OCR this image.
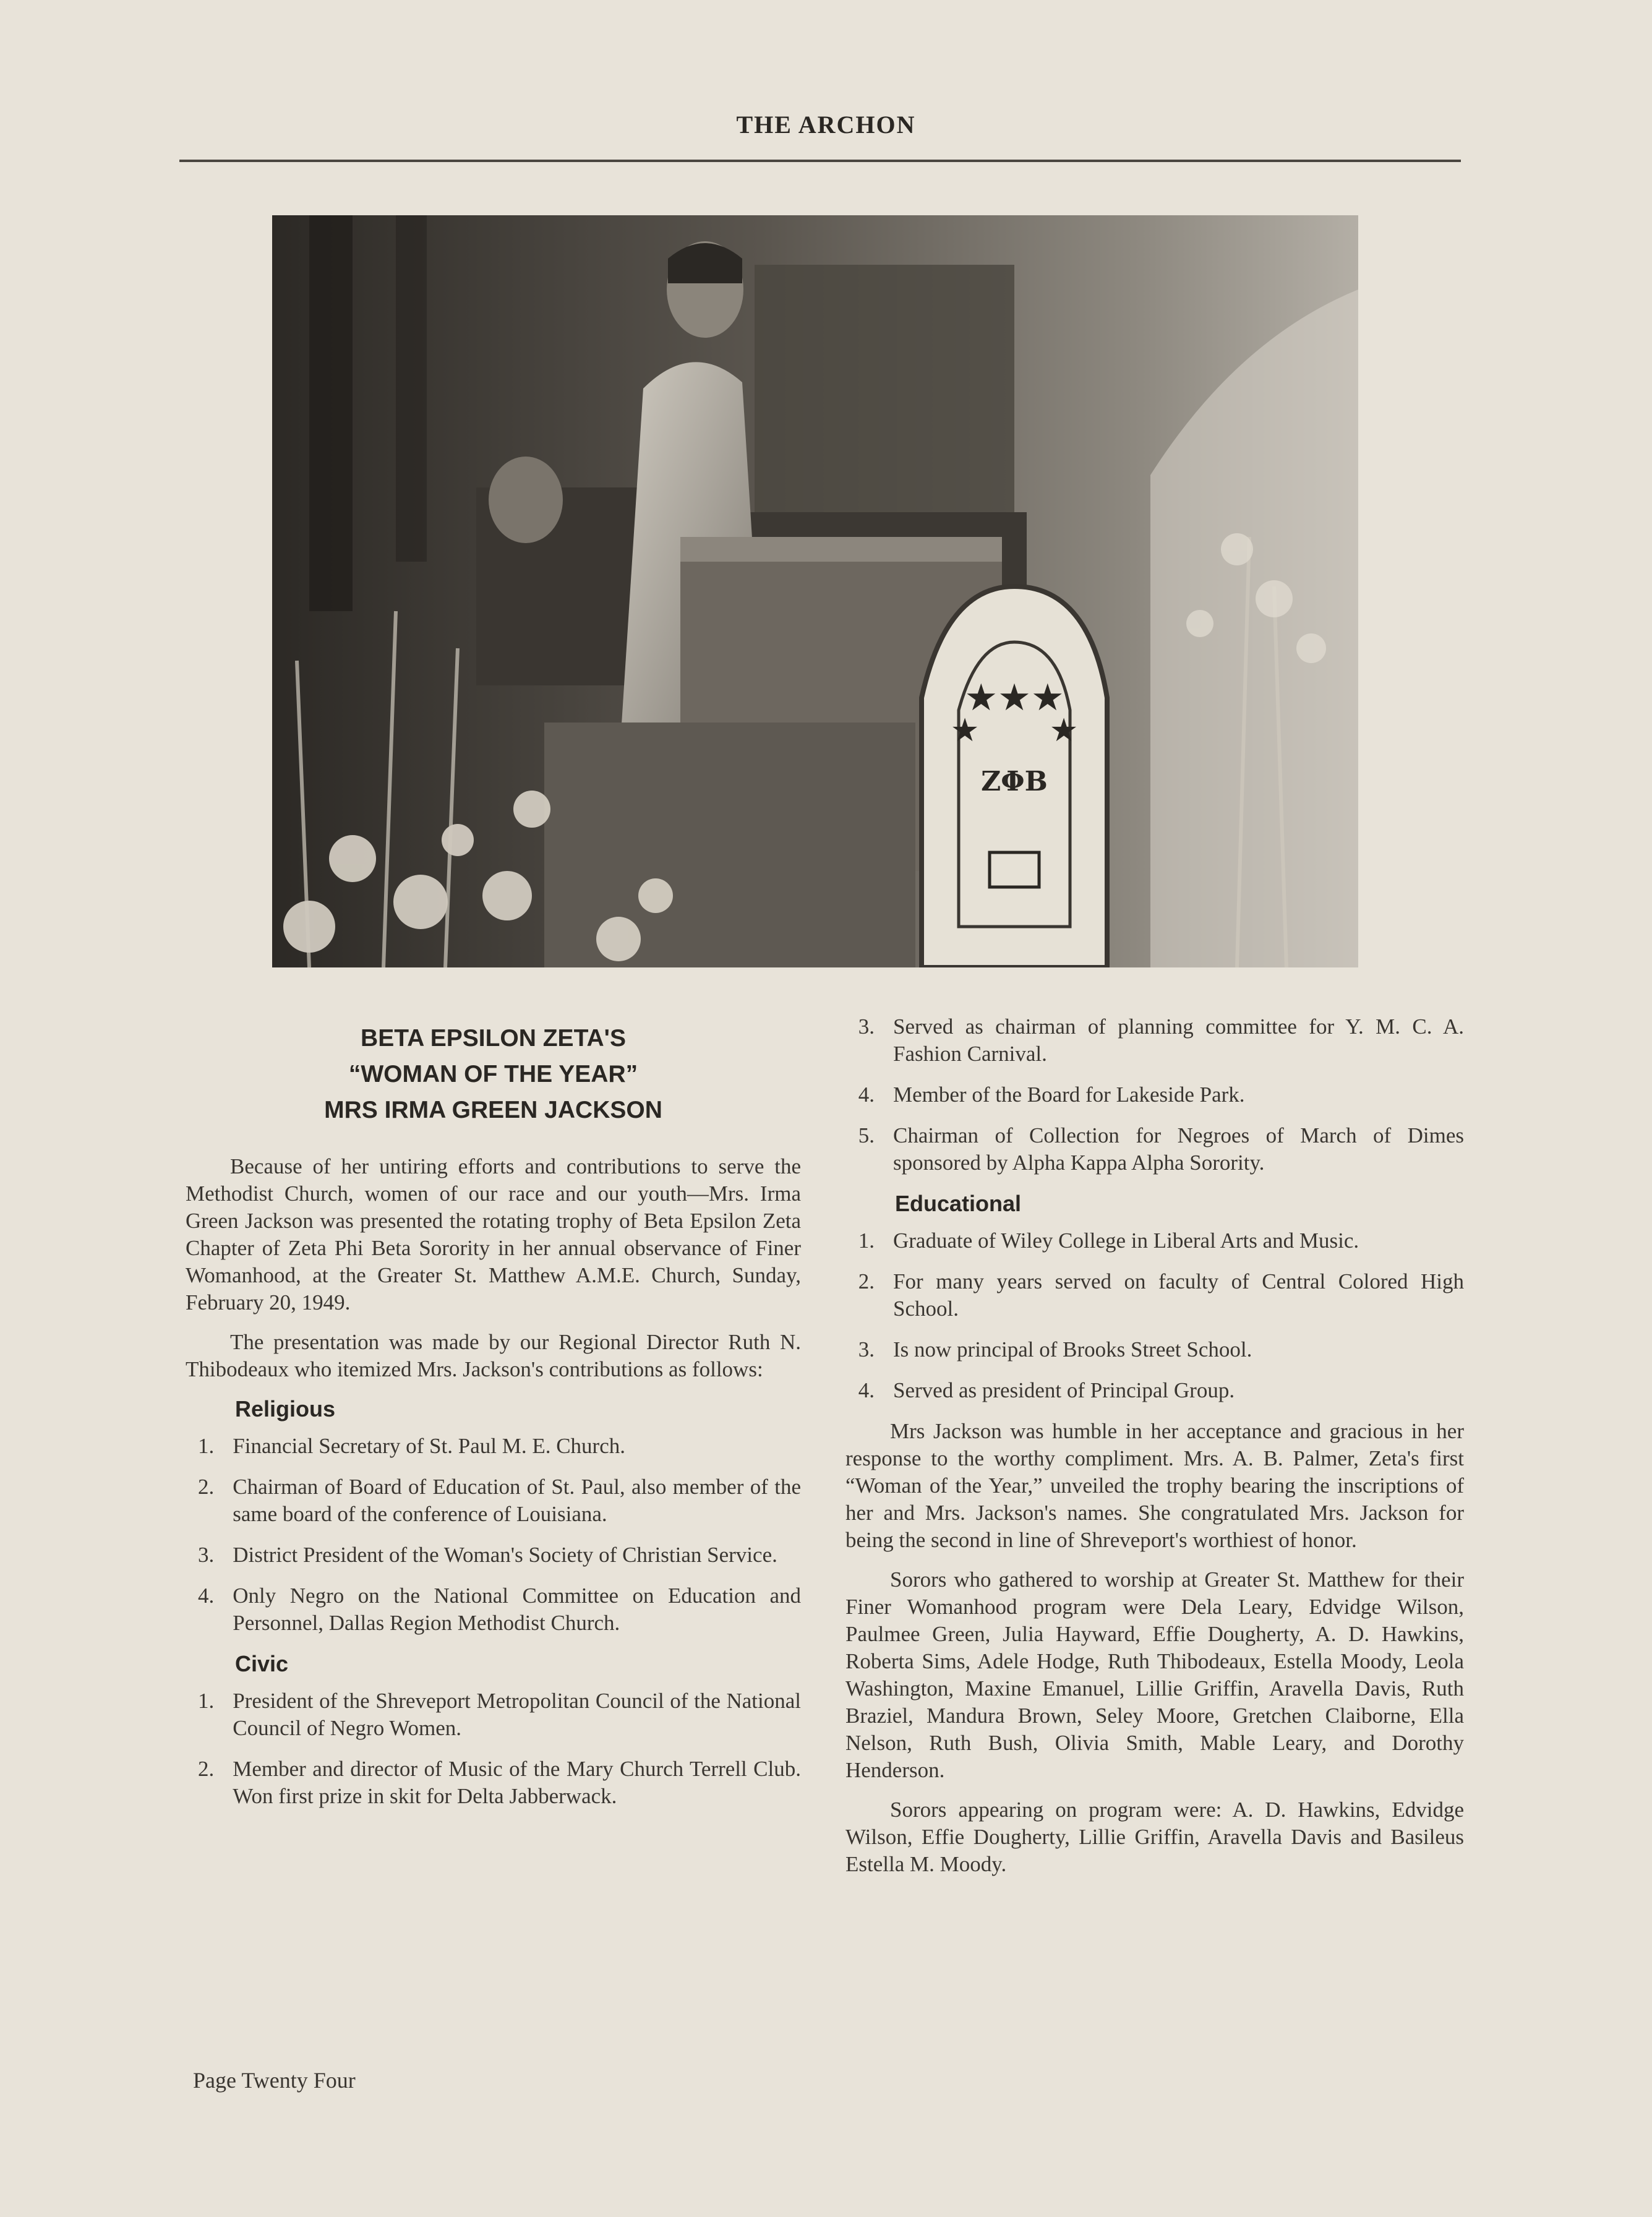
THE ARCHON
★★★
★ ★
ZΦB
BETA EPSILON ZETA'S
“WOMAN OF THE YEAR”
MRS IRMA GREEN JACKSON

Because of her untiring efforts and contributions to serve the Methodist Church, women of our race and our youth—Mrs. Irma Green Jackson was presented the rotating trophy of Beta Epsilon Zeta Chapter of Zeta Phi Beta Sorority in her annual observance of Finer Womanhood, at the Greater St. Matthew A.M.E. Church, Sunday, February 20, 1949.

The presentation was made by our Regional Director Ruth N. Thibodeaux who itemized Mrs. Jackson's contributions as follows:

Religious
1. Financial Secretary of St. Paul M. E. Church.
2. Chairman of Board of Education of St. Paul, also member of the same board of the conference of Louisiana.
3. District President of the Woman's Society of Christian Service.
4. Only Negro on the National Committee on Education and Personnel, Dallas Region Methodist Church.
Civic
1. President of the Shreveport Metropolitan Council of the National Council of Negro Women.
2. Member and director of Music of the Mary Church Terrell Club. Won first prize in skit for Delta Jabberwack.
3. Served as chairman of planning committee for Y. M. C. A. Fashion Carnival.
4. Member of the Board for Lakeside Park.
5. Chairman of Collection for Negroes of March of Dimes sponsored by Alpha Kappa Alpha Sorority.
Educational
1. Graduate of Wiley College in Liberal Arts and Music.
2. For many years served on faculty of Central Colored High School.
3. Is now principal of Brooks Street School.
4. Served as president of Principal Group.

Mrs Jackson was humble in her acceptance and gracious in her response to the worthy compliment. Mrs. A. B. Palmer, Zeta's first “Woman of the Year,” unveiled the trophy bearing the inscriptions of her and Mrs. Jackson's names. She congratulated Mrs. Jackson for being the second in line of Shreveport's worthiest of honor.

Sorors who gathered to worship at Greater St. Matthew for their Finer Womanhood program were Dela Leary, Edvidge Wilson, Paulmee Green, Julia Hayward, Effie Dougherty, A. D. Hawkins, Roberta Sims, Adele Hodge, Ruth Thibodeaux, Estella Moody, Leola Washington, Maxine Emanuel, Lillie Griffin, Aravella Davis, Ruth Braziel, Mandura Brown, Seley Moore, Gretchen Claiborne, Ella Nelson, Ruth Bush, Olivia Smith, Mable Leary, and Dorothy Henderson.

Sorors appearing on program were: A. D. Hawkins, Edvidge Wilson, Effie Dougherty, Lillie Griffin, Aravella Davis and Basileus Estella M. Moody.

Page Twenty Four
